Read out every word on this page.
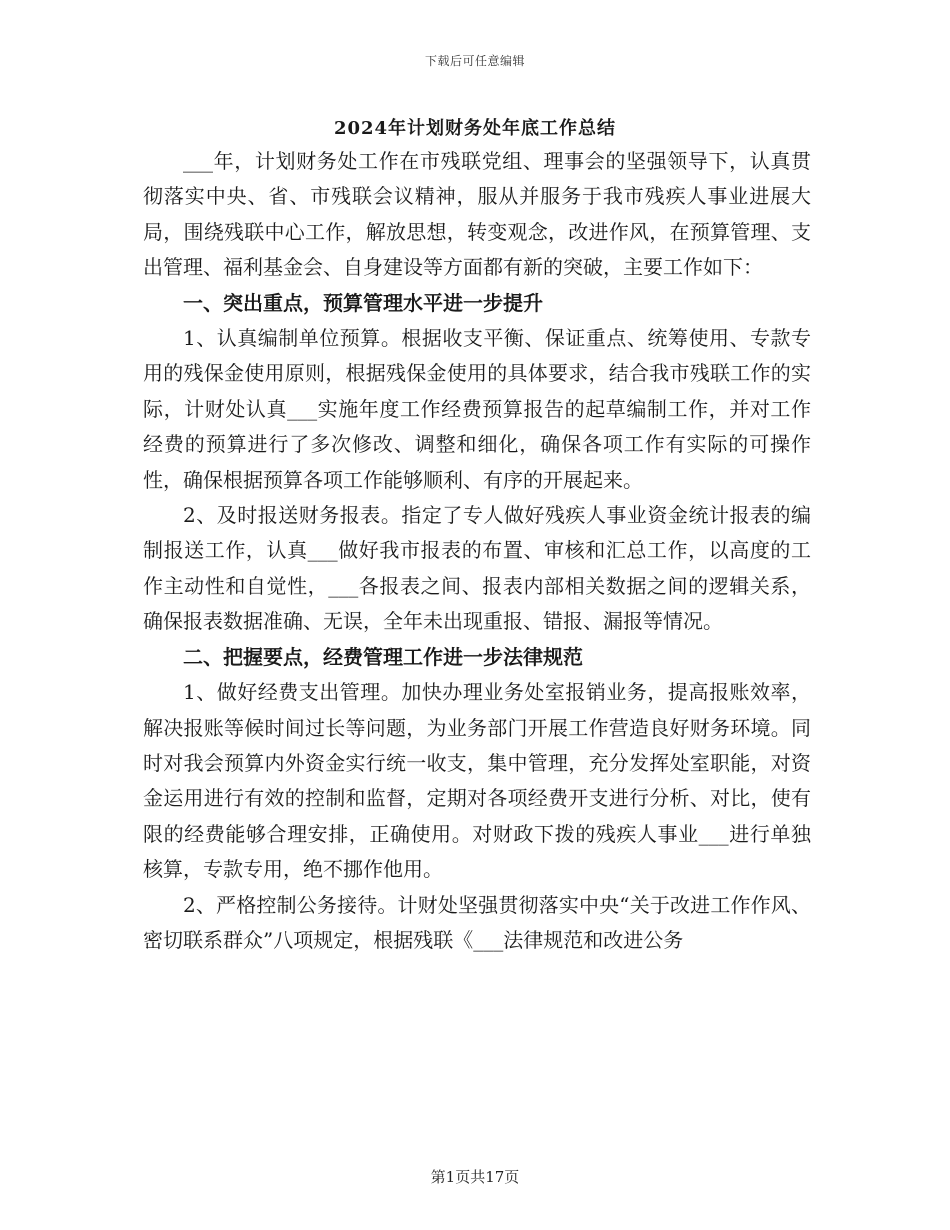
下载后可任意编辑
2024年计划财务处年底工作总结

___年，计划财务处工作在市残联党组、理事会的坚强领导下，认真贯彻落实中央、省、市残联会议精神，服从并服务于我市残疾人事业进展大局，围绕残联中心工作，解放思想，转变观念，改进作风，在预算管理、支出管理、福利基金会、自身建设等方面都有新的突破，主要工作如下：

一、突出重点，预算管理水平进一步提升

1、认真编制单位预算。根据收支平衡、保证重点、统筹使用、专款专用的残保金使用原则，根据残保金使用的具体要求，结合我市残联工作的实际，计财处认真___实施年度工作经费预算报告的起草编制工作，并对工作经费的预算进行了多次修改、调整和细化，确保各项工作有实际的可操作性，确保根据预算各项工作能够顺利、有序的开展起来。

2、及时报送财务报表。指定了专人做好残疾人事业资金统计报表的编制报送工作，认真___做好我市报表的布置、审核和汇总工作，以高度的工作主动性和自觉性，___各报表之间、报表内部相关数据之间的逻辑关系，确保报表数据准确、无误，全年未出现重报、错报、漏报等情况。

二、把握要点，经费管理工作进一步法律规范

1、做好经费支出管理。加快办理业务处室报销业务，提高报账效率，解决报账等候时间过长等问题，为业务部门开展工作营造良好财务环境。同时对我会预算内外资金实行统一收支，集中管理，充分发挥处室职能，对资金运用进行有效的控制和监督，定期对各项经费开支进行分析、对比，使有限的经费能够合理安排，正确使用。对财政下拨的残疾人事业___进行单独核算，专款专用，绝不挪作他用。

2、严格控制公务接待。计财处坚强贯彻落实中央“关于改进工作作风、密切联系群众”八项规定，根据残联《___法律规范和改进公务

第1页共17页
